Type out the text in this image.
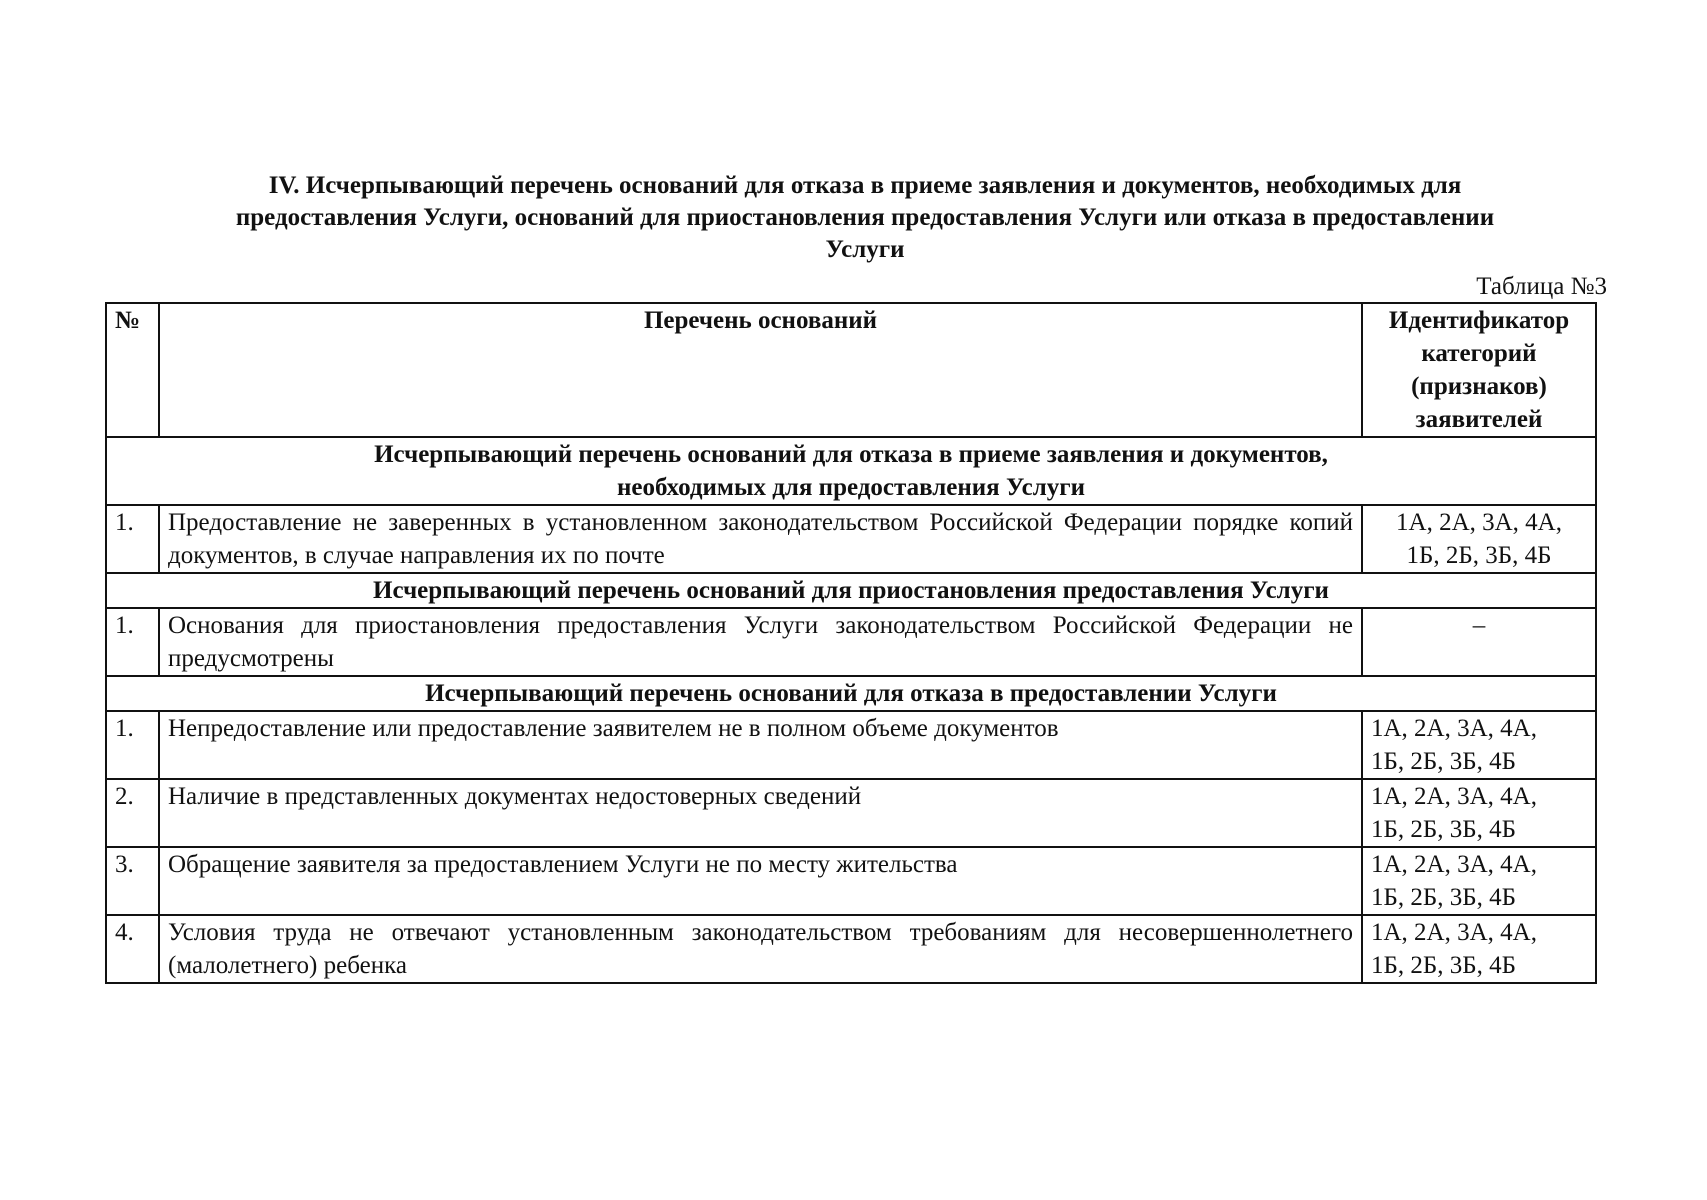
IV. Исчерпывающий перечень оснований для отказа в приеме заявления и документов, необходимых для
предоставления Услуги, оснований для приостановления предоставления Услуги или отказа в предоставлении
Услуги
Таблица №3
№	Перечень оснований	Идентификатор категорий (признаков) заявителей

Исчерпывающий перечень оснований для отказа в приеме заявления и документов,
необходимых для предоставления Услуги		

1.	Предоставление не заверенных в установленном законодательством Российской Федерации порядке копий документов, в случае направления их по почте	1А, 2А, 3А, 4А,
1Б, 2Б, 3Б, 4Б

Исчерпывающий перечень оснований для приостановления предоставления Услуги		
1.	Основания для приостановления предоставления Услуги законодательством Российской Федерации не предусмотрены	–

Исчерпывающий перечень оснований для отказа в предоставлении Услуги		
1.	Непредоставление или предоставление заявителем не в полном объеме документов	1А, 2А, 3А, 4А,
1Б, 2Б, 3Б, 4Б

2.	Наличие в представленных документах недостоверных сведений	1А, 2А, 3А, 4А,
1Б, 2Б, 3Б, 4Б

3.	Обращение заявителя за предоставлением Услуги не по месту жительства	1А, 2А, 3А, 4А,
1Б, 2Б, 3Б, 4Б

4.	Условия труда не отвечают установленным законодательством требованиям для несовершеннолетнего (малолетнего) ребенка	1А, 2А, 3А, 4А,
1Б, 2Б, 3Б, 4Б
